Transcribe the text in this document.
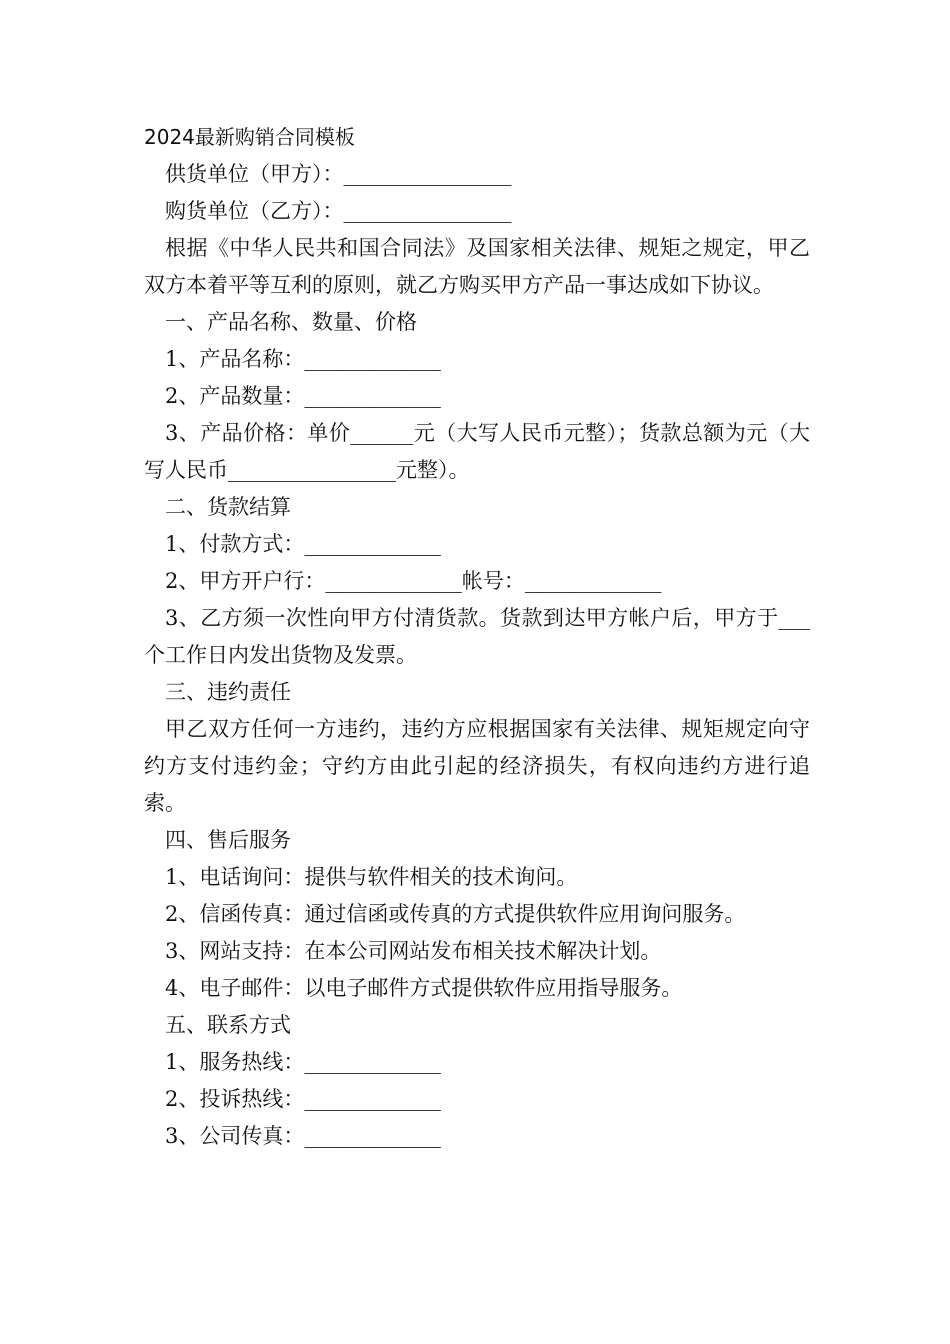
2024最新购销合同模板

供货单位（甲方）：________________

购货单位（乙方）：________________

根据《中华人民共和国合同法》及国家相关法律、规矩之规定，甲乙双方本着平等互利的原则，就乙方购买甲方产品一事达成如下协议。

一、产品名称、数量、价格

1、产品名称：_____________

2、产品数量：_____________

3、产品价格：单价______元（大写人民币元整）；货款总额为元（大写人民币________________元整）。

二、货款结算

1、付款方式：_____________

2、甲方开户行：_____________帐号：_____________

3、乙方须一次性向甲方付清货款。货款到达甲方帐户后，甲方于___个工作日内发出货物及发票。

三、违约责任

甲乙双方任何一方违约，违约方应根据国家有关法律、规矩规定向守约方支付违约金；守约方由此引起的经济损失，有权向违约方进行追索。

四、售后服务

1、电话询问：提供与软件相关的技术询问。

2、信函传真：通过信函或传真的方式提供软件应用询问服务。

3、网站支持：在本公司网站发布相关技术解决计划。

4、电子邮件：以电子邮件方式提供软件应用指导服务。

五、联系方式

1、服务热线：_____________

2、投诉热线：_____________

3、公司传真：_____________
